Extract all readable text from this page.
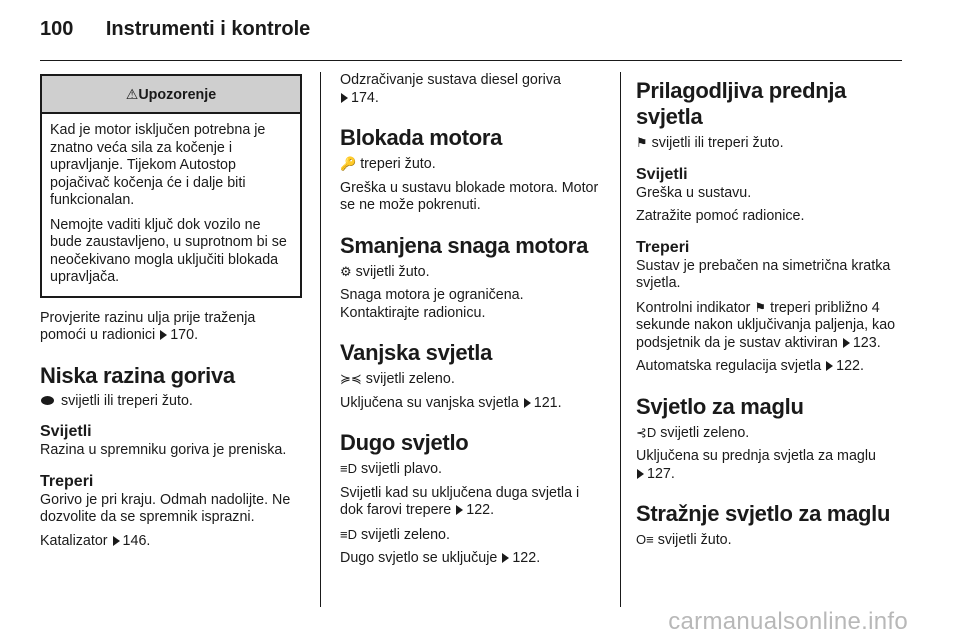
100 Instrumenti i kontrole
⚠Upozorenje

Kad je motor isključen potrebna je znatno veća sila za kočenje i upravljanje. Tijekom Autostop pojačivač kočenja će i dalje biti funkcionalan.

Nemojte vaditi ključ dok vozilo ne bude zaustavljeno, u suprotnom bi se neočekivano mogla uključiti blokada upravljača.

Provjerite razinu ulja prije traženja pomoći u radionici 170.

Niska razina goriva

svijetli ili treperi žuto.

Svijetli

Razina u spremniku goriva je preniska.

Treperi

Gorivo je pri kraju. Odmah nadolijte. Ne dozvolite da se spremnik isprazni.

Katalizator 146.

Odzračivanje sustava diesel goriva
174.

Blokada motora

🔑 treperi žuto.

Greška u sustavu blokade motora. Motor se ne može pokrenuti.

Smanjena snaga motora

⚙ svijetli žuto.

Snaga motora je ograničena. Kontaktirajte radionicu.

Vanjska svjetla

≽≼ svijetli zeleno.

Uključena su vanjska svjetla 121.

Dugo svjetlo

≡D svijetli plavo.

Svijetli kad su uključena duga svjetla i dok farovi trepere 122.

≡D svijetli zeleno.

Dugo svjetlo se uključuje 122.

Prilagodljiva prednja svjetla

⚑ svijetli ili treperi žuto.

Svijetli

Greška u sustavu.

Zatražite pomoć radionice.

Treperi

Sustav je prebačen na simetrična kratka svjetla.

Kontrolni indikator ⚑ treperi približno 4 sekunde nakon uključivanja paljenja, kao podsjetnik da je sustav aktiviran 123.

Automatska regulacija svjetla 122.

Svjetlo za maglu

⊰D svijetli zeleno.

Uključena su prednja svjetla za maglu
127.

Stražnje svjetlo za maglu

O≡ svijetli žuto.

carmanualsonline.info
